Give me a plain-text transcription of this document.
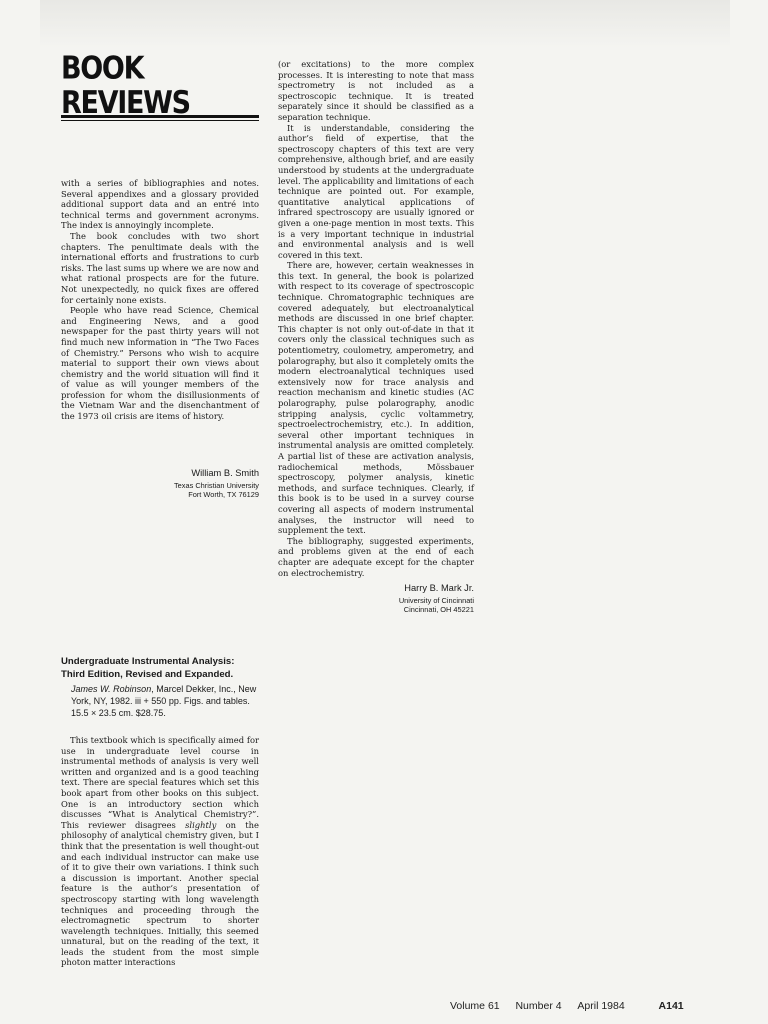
BOOK REVIEWS

with a series of bibliographies and notes. Several appendixes and a glossary provided additional support data and an entré into technical terms and government acronyms. The index is annoyingly incomplete.

The book concludes with two short chapters. The penultimate deals with the international efforts and frustrations to curb risks. The last sums up where we are now and what rational prospects are for the future. Not unexpectedly, no quick fixes are offered for certainly none exists.

People who have read Science, Chemical and Engineering News, and a good newspaper for the past thirty years will not find much new information in “The Two Faces of Chemistry.” Persons who wish to acquire material to support their own views about chemistry and the world situation will find it of value as will younger members of the profession for whom the disillusionments of the Vietnam War and the disenchantment of the 1973 oil crisis are items of history.

William B. Smith
Texas Christian University
Fort Worth, TX 76129
Undergraduate Instrumental Analysis:
Third Edition, Revised and Expanded.
James W. Robinson, Marcel Dekker, Inc., New York, NY, 1982. iii + 550 pp. Figs. and tables. 15.5 × 23.5 cm. $28.75.

This textbook which is specifically aimed for use in undergraduate level course in instrumental methods of analysis is very well written and organized and is a good teaching text. There are special features which set this book apart from other books on this subject. One is an introductory section which discusses “What is Analytical Chemistry?”. This reviewer disagrees slightly on the philosophy of analytical chemistry given, but I think that the presentation is well thought-out and each individual instructor can make use of it to give their own variations. I think such a discussion is important. Another special feature is the author’s presentation of spectroscopy starting with long wavelength techniques and proceeding through the electromagnetic spectrum to shorter wavelength techniques. Initially, this seemed unnatural, but on the reading of the text, it leads the student from the most simple photon matter interactions

(or excitations) to the more complex processes. It is interesting to note that mass spectrometry is not included as a spectroscopic technique. It is treated separately since it should be classified as a separation technique.

It is understandable, considering the author’s field of expertise, that the spectroscopy chapters of this text are very comprehensive, although brief, and are easily understood by students at the undergraduate level. The applicability and limitations of each technique are pointed out. For example, quantitative analytical applications of infrared spectroscopy are usually ignored or given a one-page mention in most texts. This is a very important technique in industrial and environmental analysis and is well covered in this text.

There are, however, certain weaknesses in this text. In general, the book is polarized with respect to its coverage of spectroscopic technique. Chromatographic techniques are covered adequately, but electroanalytical methods are discussed in one brief chapter. This chapter is not only out-of-date in that it covers only the classical techniques such as potentiometry, coulometry, amperometry, and polarography, but also it completely omits the modern electroanalytical techniques used extensively now for trace analysis and reaction mechanism and kinetic studies (AC polarography, pulse polarography, anodic stripping analysis, cyclic voltammetry, spectroelectrochemistry, etc.). In addition, several other important techniques in instrumental analysis are omitted completely. A partial list of these are activation analysis, radiochemical methods, Mössbauer spectroscopy, polymer analysis, kinetic methods, and surface techniques. Clearly, if this book is to be used in a survey course covering all aspects of modern instrumental analyses, the instructor will need to supplement the text.

The bibliography, suggested experiments, and problems given at the end of each chapter are adequate except for the chapter on electrochemistry.

Harry B. Mark Jr.
University of Cincinnati
Cincinnati, OH 45221
Volume 61 Number 4 April 1984	A141
